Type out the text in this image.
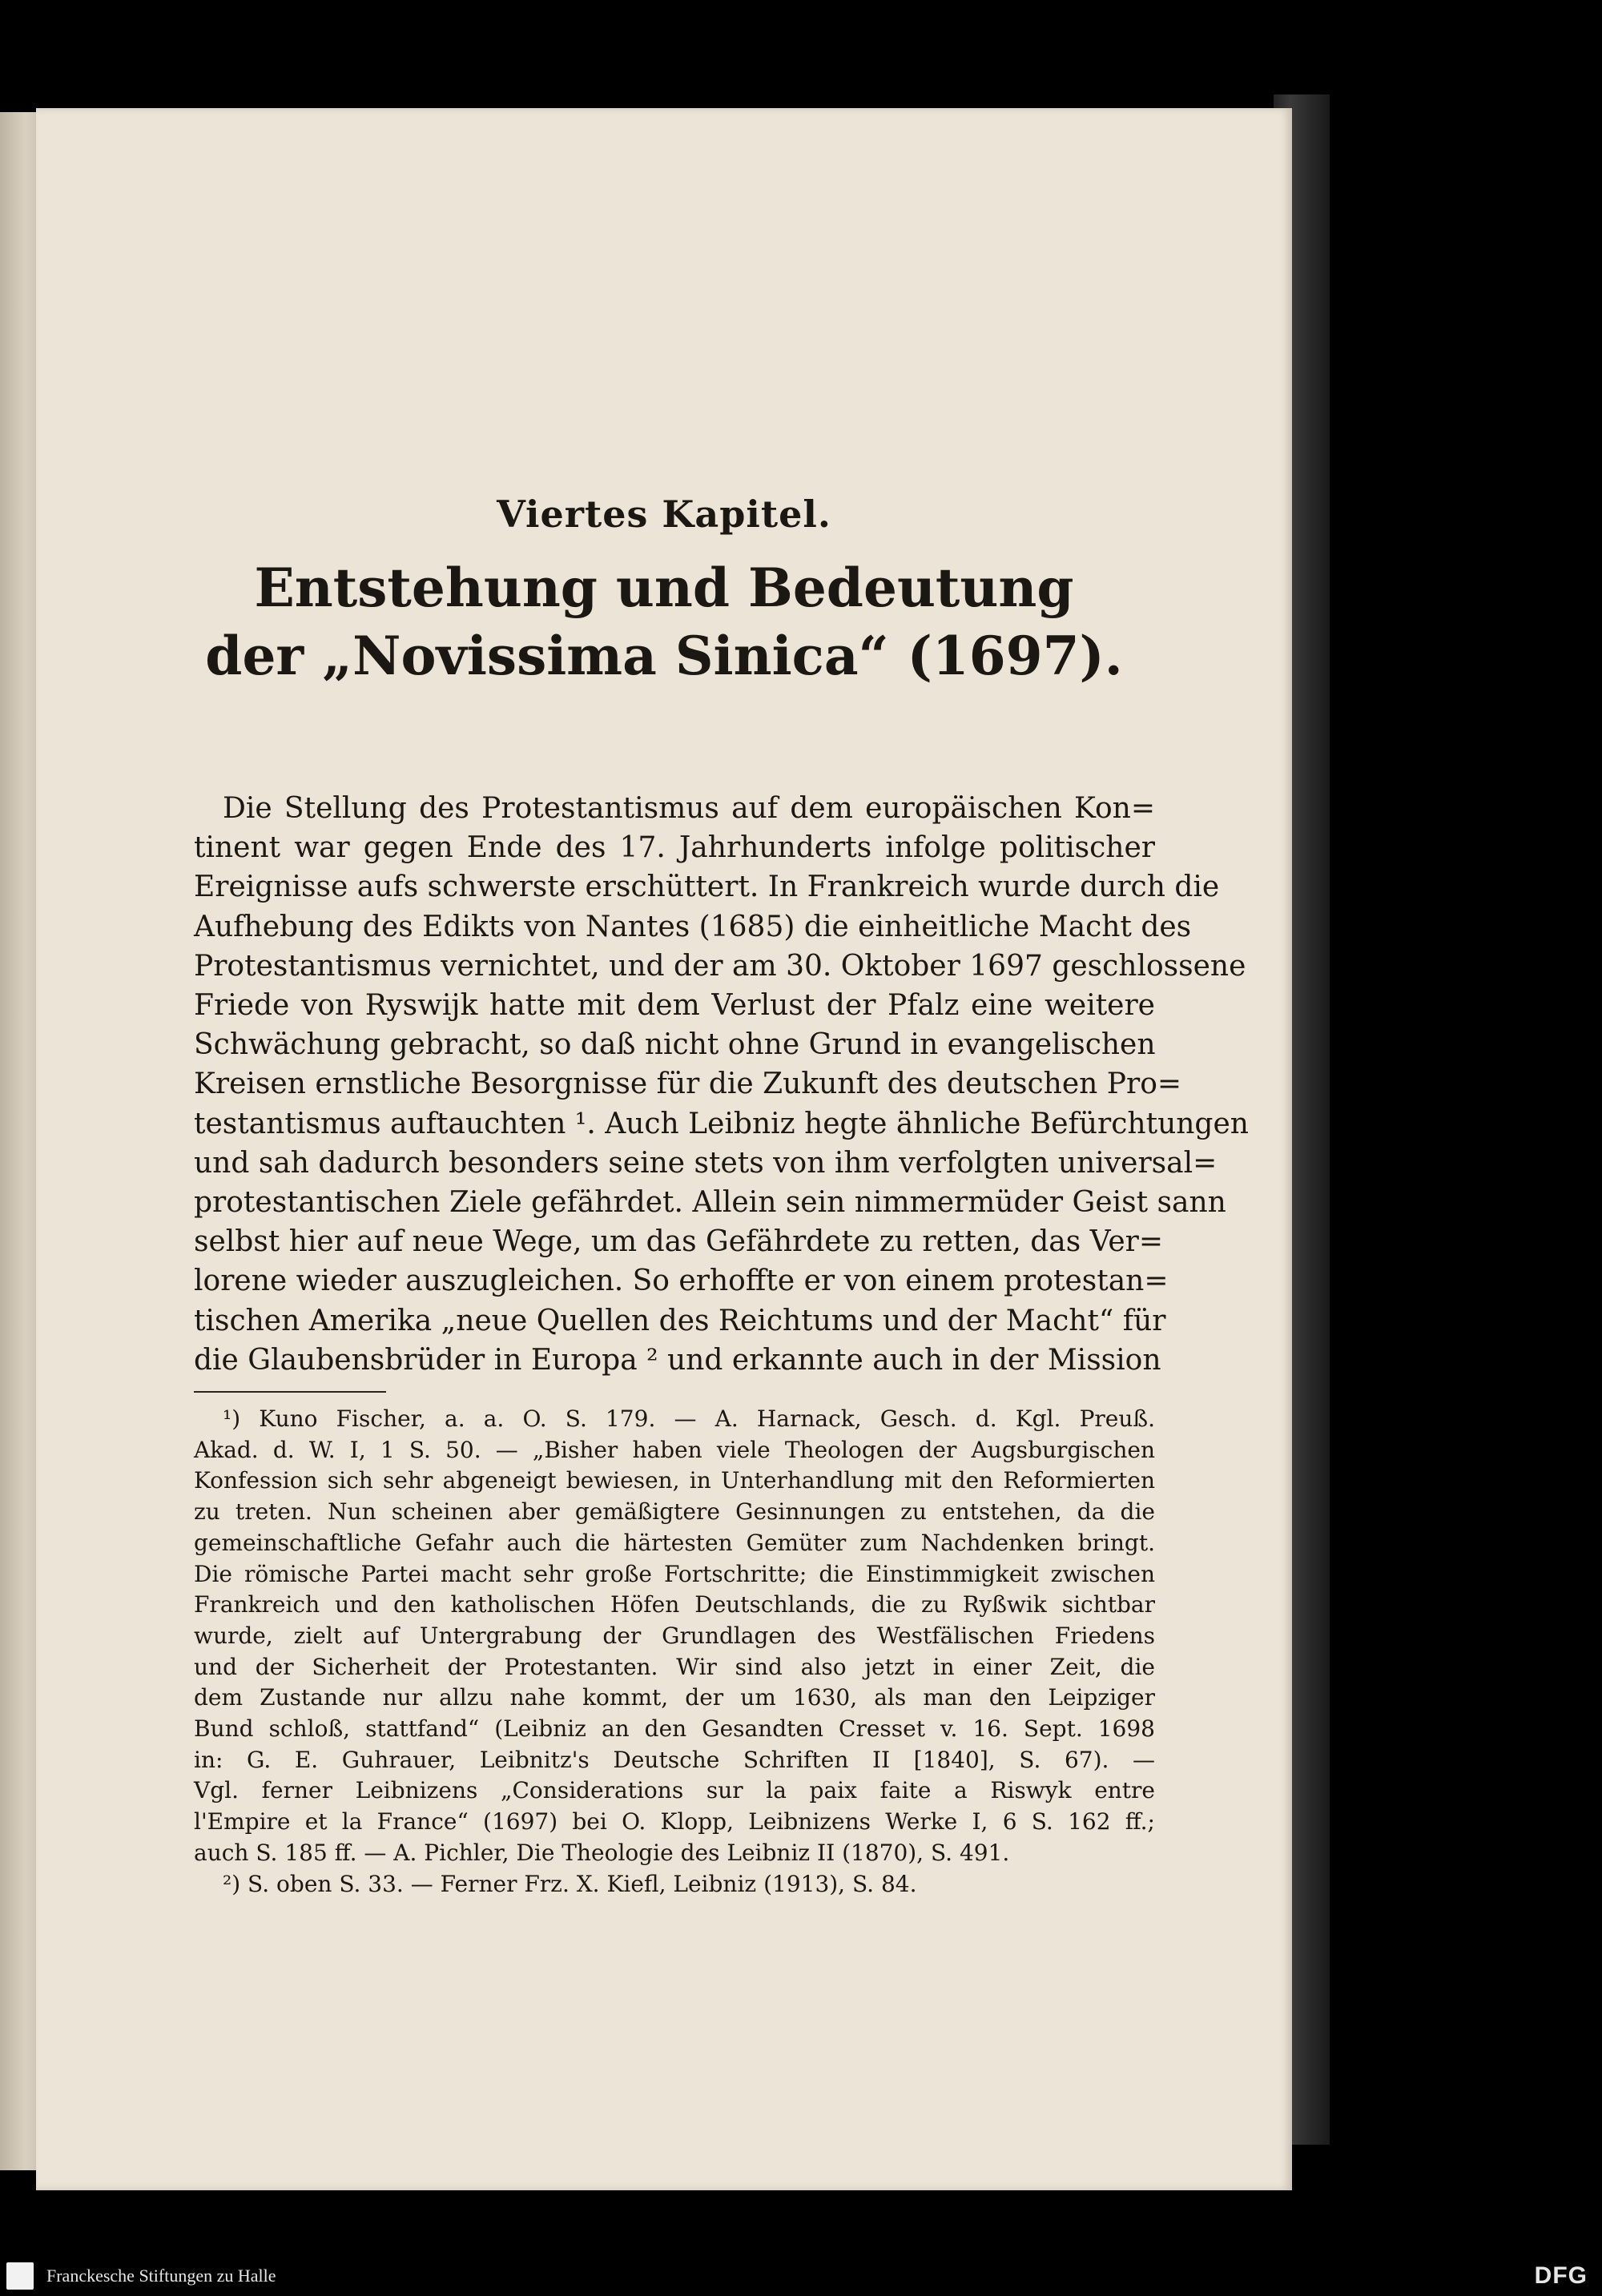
Viertes Kapitel.
Entstehung und Bedeutung
der „Novissima Sinica“ (1697).
Die Stellung des Protestantismus auf dem europäischen Kon=
tinent war gegen Ende des 17. Jahrhunderts infolge politischer
Ereignisse aufs schwerste erschüttert. In Frankreich wurde durch die
Aufhebung des Edikts von Nantes (1685) die einheitliche Macht des
Protestantismus vernichtet, und der am 30. Oktober 1697 geschlossene
Friede von Ryswijk hatte mit dem Verlust der Pfalz eine weitere
Schwächung gebracht, so daß nicht ohne Grund in evangelischen
Kreisen ernstliche Besorgnisse für die Zukunft des deutschen Pro=
testantismus auftauchten ¹. Auch Leibniz hegte ähnliche Befürchtungen
und sah dadurch besonders seine stets von ihm verfolgten universal=
protestantischen Ziele gefährdet. Allein sein nimmermüder Geist sann
selbst hier auf neue Wege, um das Gefährdete zu retten, das Ver=
lorene wieder auszugleichen. So erhoffte er von einem protestan=
tischen Amerika „neue Quellen des Reichtums und der Macht“ für
die Glaubensbrüder in Europa ² und erkannte auch in der Mission
¹) Kuno Fischer, a. a. O. S. 179. — A. Harnack, Gesch. d. Kgl. Preuß.
Akad. d. W. I, 1 S. 50. — „Bisher haben viele Theologen der Augsburgischen
Konfession sich sehr abgeneigt bewiesen, in Unterhandlung mit den Reformierten
zu treten. Nun scheinen aber gemäßigtere Gesinnungen zu entstehen, da die
gemeinschaftliche Gefahr auch die härtesten Gemüter zum Nachdenken bringt.
Die römische Partei macht sehr große Fortschritte; die Einstimmigkeit zwischen
Frankreich und den katholischen Höfen Deutschlands, die zu Ryßwik sichtbar
wurde, zielt auf Untergrabung der Grundlagen des Westfälischen Friedens
und der Sicherheit der Protestanten. Wir sind also jetzt in einer Zeit, die
dem Zustande nur allzu nahe kommt, der um 1630, als man den Leipziger
Bund schloß, stattfand“ (Leibniz an den Gesandten Cresset v. 16. Sept. 1698
in: G. E. Guhrauer, Leibnitz's Deutsche Schriften II [1840], S. 67). —
Vgl. ferner Leibnizens „Considerations sur la paix faite a Riswyk entre
l'Empire et la France“ (1697) bei O. Klopp, Leibnizens Werke I, 6 S. 162 ff.;
auch S. 185 ff. — A. Pichler, Die Theologie des Leibniz II (1870), S. 491.
²) S. oben S. 33. — Ferner Frz. X. Kiefl, Leibniz (1913), S. 84.
Franckesche Stiftungen zu Halle	DFG
